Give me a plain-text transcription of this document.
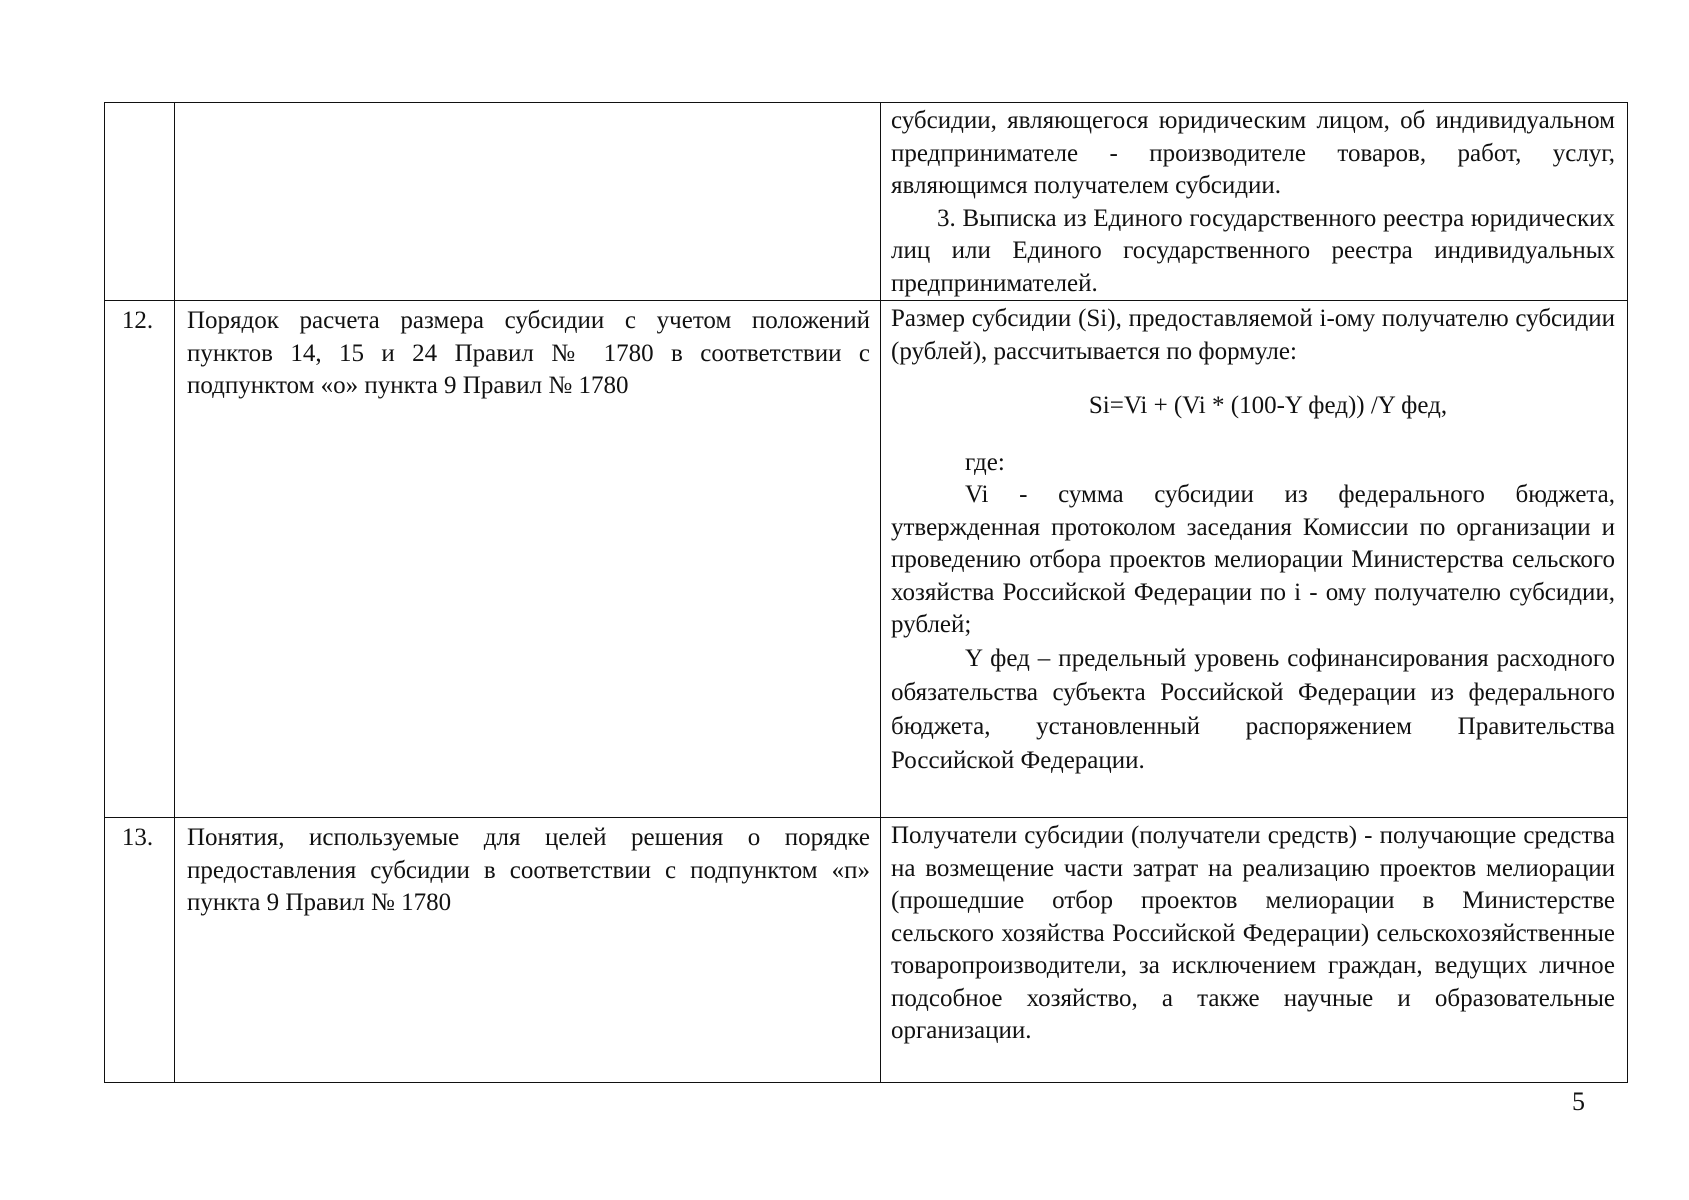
		субсидии, являющегося юридическим лицом, об индивидуальном предпринимателе - производителе товаров, работ, услуг, являющимся получателем субсидии.

3. Выписка из Единого государственного реестра юридических лиц или Единого государственного реестра индивидуальных предпринимателей.

12.	Порядок расчета размера субсидии с учетом положений пунктов 14, 15 и 24 Правил № 1780 в соответствии с подпунктом «о» пункта 9 Правил № 1780	Размер субсидии (Si), предоставляемой i-ому получателю субсидии (рублей), рассчитывается по формуле:

Si=Vi + (Vi * (100-Y фед)) /Y фед,

где:

Vi - сумма субсидии из федерального бюджета, утвержденная протоколом заседания Комиссии по организации и проведению отбора проектов мелиорации Министерства сельского хозяйства Российской Федерации по i - ому получателю субсидии, рублей;

Y фед – предельный уровень софинансирования расходного обязательства субъекта Российской Федерации из федерального бюджета, установленный распоряжением Правительства Российской Федерации.

13.	Понятия, используемые для целей решения о порядке предоставления субсидии в соответствии с подпунктом «п» пункта 9 Правил № 1780	Получатели субсидии (получатели средств) - получающие средства на возмещение части затрат на реализацию проектов мелиорации (прошедшие отбор проектов мелиорации в Министерстве сельского хозяйства Российской Федерации) сельскохозяйственные товаропроизводители, за исключением граждан, ведущих личное подсобное хозяйство, а также научные и образовательные организации.

5
